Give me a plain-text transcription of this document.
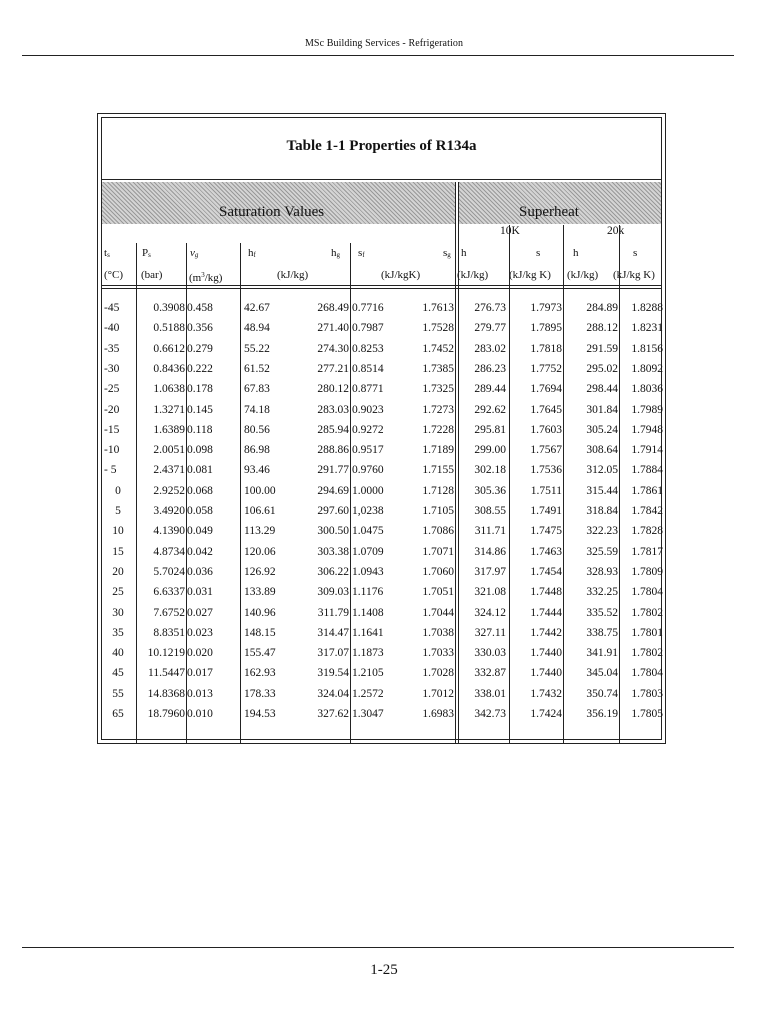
MSc Building Services - Refrigeration
Table 1-1 Properties of R134a
Saturation Values	Superheat
10K	20k
$t_s$	$P_s$	$v_g$	$h_f$	$h_g$ $s_f$	$s_g$ h	s	h	s
(°C) (bar) $(m^3/kg)$	(kJ/kg)	(kJ/kgK)	(kJ/kg) (kJ/kg K) (kJ/kg) (kJ/kg K)
-45	0.3908 0.458	42.67	268.49 0.7716	1.7613	276.73	1.7973	284.89	1.8288
-40	0.5188 0.356	48.94	271.40 0.7987	1.7528	279.77	1.7895	288.12	1.8231
-35	0.6612 0.279	55.22	274.30 0.8253	1.7452	283.02	1.7818	291.59	1.8156
-30	0.8436 0.222	61.52	277.21 0.8514	1.7385	286.23	1.7752	295.02	1.8092
-25	1.0638 0.178	67.83	280.12 0.8771	1.7325	289.44	1.7694	298.44	1.8036
-20	1.3271 0.145	74.18	283.03 0.9023	1.7273	292.62	1.7645	301.84	1.7989
-15	1.6389 0.118	80.56	285.94 0.9272	1.7228	295.81	1.7603	305.24	1.7948
-10	2.0051 0.098	86.98	288.86 0.9517	1.7189	299.00	1.7567	308.64	1.7914
- 5	2.4371 0.081	93.46	291.77 0.9760	1.7155	302.18	1.7536	312.05	1.7884
0	2.9252 0.068	100.00	294.69 1.0000	1.7128	305.36	1.7511	315.44	1.7861
5	3.4920 0.058	106.61	297.60 1,0238	1.7105	308.55	1.7491	318.84	1.7842
10	4.1390 0.049	113.29	300.50 1.0475	1.7086	311.71	1.7475	322.23	1.7828
15	4.8734 0.042	120.06	303.38 1.0709	1.7071	314.86	1.7463	325.59	1.7817
20	5.7024 0.036	126.92	306.22 1.0943	1.7060	317.97	1.7454	328.93	1.7809
25	6.6337 0.031	133.89	309.03 1.1176	1.7051	321.08	1.7448	332.25	1.7804
30	7.6752 0.027	140.96	311.79 1.1408	1.7044	324.12	1.7444	335.52	1.7802
35	8.8351 0.023	148.15	314.47 1.1641	1.7038	327.11	1.7442	338.75	1.7801
40	10.1219 0.020	155.47	317.07 1.1873	1.7033	330.03	1.7440	341.91	1.7802
45	11.5447 0.017	162.93	319.54 1.2105	1.7028	332.87	1.7440	345.04	1.7804
55	14.8368 0.013	178.33	324.04 1.2572	1.7012	338.01	1.7432	350.74	1.7803
65	18.7960 0.010	194.53	327.62 1.3047	1.6983	342.73	1.7424	356.19	1.7805
1-25
